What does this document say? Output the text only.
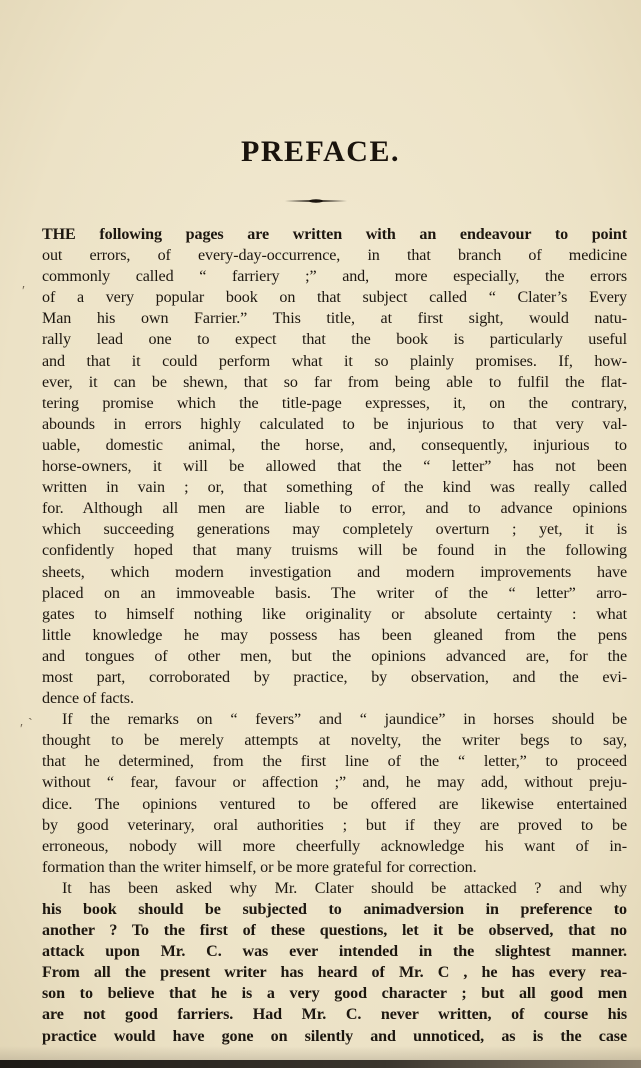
PREFACE.
THE following pages are written with an endeavour to point
out errors, of every-day-occurrence, in that branch of medicine
commonly called “ farriery ;” and, more especially, the errors
of a very popular book on that subject called “ Clater’s Every
Man his own Farrier.” This title, at first sight, would natu-
rally lead one to expect that the book is particularly useful
and that it could perform what it so plainly promises. If, how-
ever, it can be shewn, that so far from being able to fulfil the flat-
tering promise which the title-page expresses, it, on the contrary,
abounds in errors highly calculated to be injurious to that very val-
uable, domestic animal, the horse, and, consequently, injurious to
horse-owners, it will be allowed that the “ letter” has not been
written in vain ; or, that something of the kind was really called
for. Although all men are liable to error, and to advance opinions
which succeeding generations may completely overturn ; yet, it is
confidently hoped that many truisms will be found in the following
sheets, which modern investigation and modern improvements have
placed on an immoveable basis. The writer of the “ letter” arro-
gates to himself nothing like originality or absolute certainty : what
little knowledge he may possess has been gleaned from the pens
and tongues of other men, but the opinions advanced are, for the
most part, corroborated by practice, by observation, and the evi-
dence of facts.
If the remarks on “ fevers” and “ jaundice” in horses should be
thought to be merely attempts at novelty, the writer begs to say,
that he determined, from the first line of the “ letter,” to proceed
without “ fear, favour or affection ;” and, he may add, without preju-
dice. The opinions ventured to be offered are likewise entertained
by good veterinary, oral authorities ; but if they are proved to be
erroneous, nobody will more cheerfully acknowledge his want of in-
formation than the writer himself, or be more grateful for correction.
It has been asked why Mr. Clater should be attacked ? and why
his book should be subjected to animadversion in preference to
another ? To the first of these questions, let it be observed, that no
attack upon Mr. C. was ever intended in the slightest manner.
From all the present writer has heard of Mr. C , he has every rea-
son to believe that he is a very good character ; but all good men
are not good farriers. Had Mr. C. never written, of course his
practice would have gone on silently and unnoticed, as is the case
′
′
ˏ
